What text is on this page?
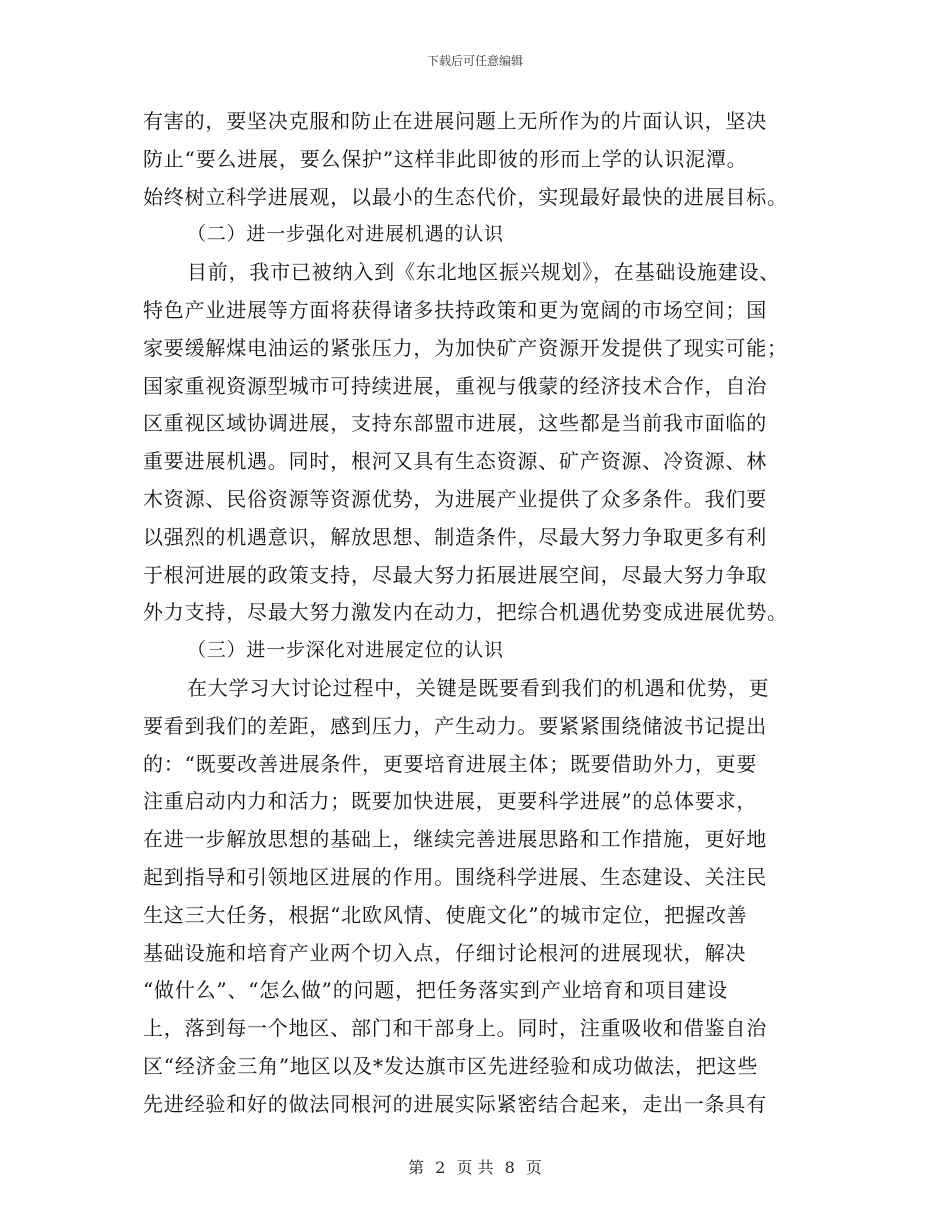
下载后可任意编辑
有害的，要坚决克服和防止在进展问题上无所作为的片面认识，坚决
防止“要么进展，要么保护”这样非此即彼的形而上学的认识泥潭。
始终树立科学进展观，以最小的生态代价，实现最好最快的进展目标。
（二）进一步强化对进展机遇的认识
目前，我市已被纳入到《东北地区振兴规划》，在基础设施建设、
特色产业进展等方面将获得诸多扶持政策和更为宽阔的市场空间；国
家要缓解煤电油运的紧张压力，为加快矿产资源开发提供了现实可能；
国家重视资源型城市可持续进展，重视与俄蒙的经济技术合作，自治
区重视区域协调进展，支持东部盟市进展，这些都是当前我市面临的
重要进展机遇。同时，根河又具有生态资源、矿产资源、冷资源、林
木资源、民俗资源等资源优势，为进展产业提供了众多条件。我们要
以强烈的机遇意识，解放思想、制造条件，尽最大努力争取更多有利
于根河进展的政策支持，尽最大努力拓展进展空间，尽最大努力争取
外力支持，尽最大努力激发内在动力，把综合机遇优势变成进展优势。
（三）进一步深化对进展定位的认识
在大学习大讨论过程中，关键是既要看到我们的机遇和优势，更
要看到我们的差距，感到压力，产生动力。要紧紧围绕储波书记提出
的：“既要改善进展条件，更要培育进展主体；既要借助外力，更要
注重启动内力和活力；既要加快进展，更要科学进展”的总体要求，
在进一步解放思想的基础上，继续完善进展思路和工作措施，更好地
起到指导和引领地区进展的作用。围绕科学进展、生态建设、关注民
生这三大任务，根据“北欧风情、使鹿文化”的城市定位，把握改善
基础设施和培育产业两个切入点，仔细讨论根河的进展现状，解决
“做什么”、“怎么做”的问题，把任务落实到产业培育和项目建设
上，落到每一个地区、部门和干部身上。同时，注重吸收和借鉴自治
区“经济金三角”地区以及*发达旗市区先进经验和成功做法，把这些
先进经验和好的做法同根河的进展实际紧密结合起来，走出一条具有
第 2 页 共 8 页
